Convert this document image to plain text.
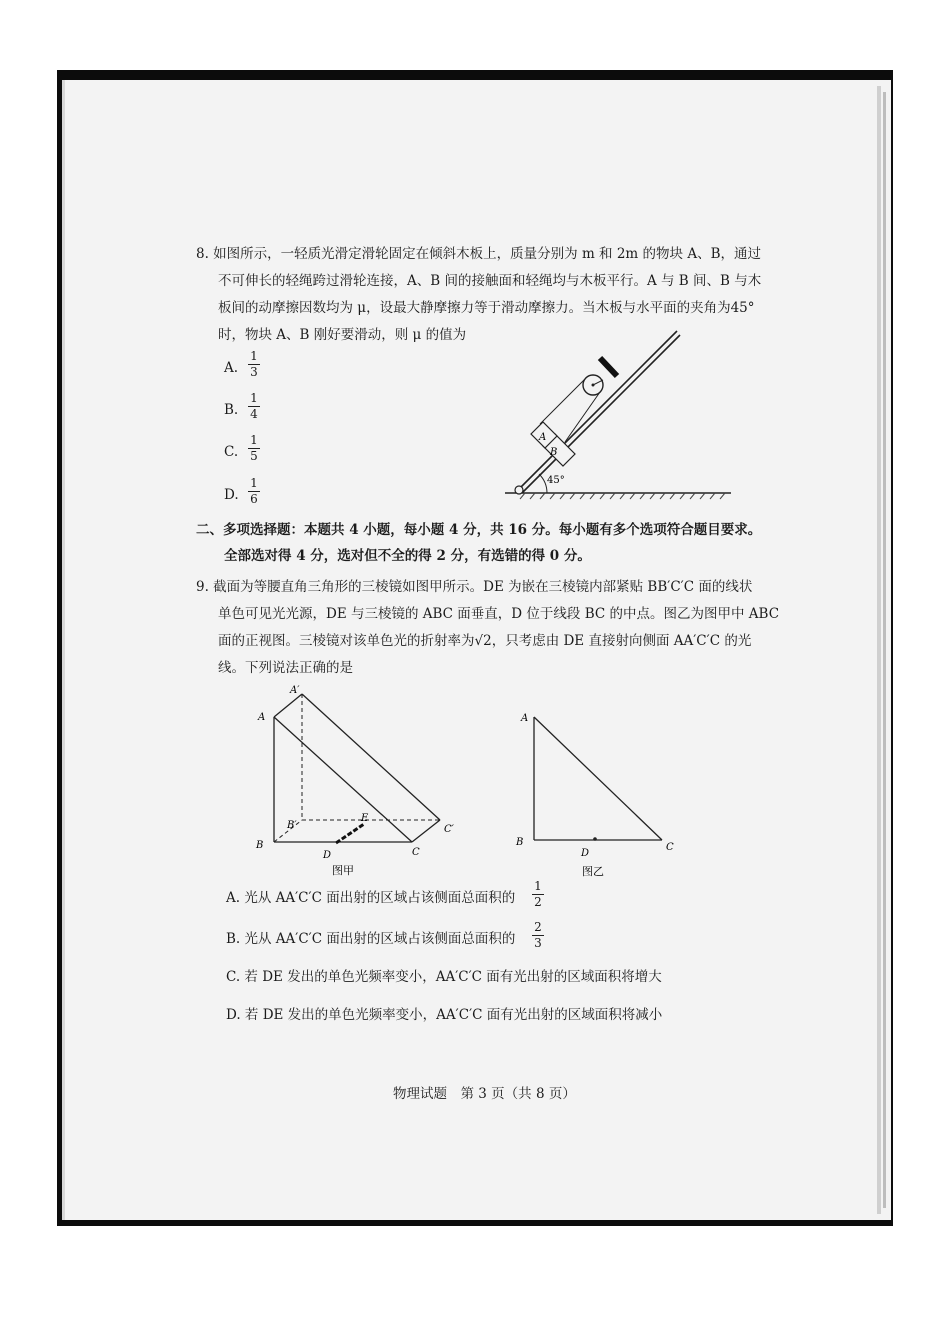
8. 如图所示，一轻质光滑定滑轮固定在倾斜木板上，质量分别为 m 和 2m 的物块 A、B，通过
不可伸长的轻绳跨过滑轮连接，A、B 间的接触面和轻绳均与木板平行。A 与 B 间、B 与木
板间的动摩擦因数均为 μ，设最大静摩擦力等于滑动摩擦力。当木板与水平面的夹角为45°
时，物块 A、B 刚好要滑动，则 μ 的值为
A.
1
3
B.
1
4
C.
1
5
D.
1
6
A
B
45°
二、多项选择题：本题共 4 小题，每小题 4 分，共 16 分。每小题有多个选项符合题目要求。
全部选对得 4 分，选对但不全的得 2 分，有选错的得 0 分。
9. 截面为等腰直角三角形的三棱镜如图甲所示。DE 为嵌在三棱镜内部紧贴 BB′C′C 面的线状
单色可见光光源，DE 与三棱镜的 ABC 面垂直，D 位于线段 BC 的中点。图乙为图甲中 ABC
面的正视图。三棱镜对该单色光的折射率为√2，只考虑由 DE 直接射向侧面 AA′C′C 的光
线。下列说法正确的是
A′
A
B′
E
C′
B
D	C
图甲
A
B
D
C
图乙
A. 光从 AA′C′C 面出射的区域占该侧面总面积的
1
2
B. 光从 AA′C′C 面出射的区域占该侧面总面积的
2
3
C. 若 DE 发出的单色光频率变小，AA′C′C 面有光出射的区域面积将增大
D. 若 DE 发出的单色光频率变小，AA′C′C 面有光出射的区域面积将减小
物理试题　第 3 页（共 8 页）
